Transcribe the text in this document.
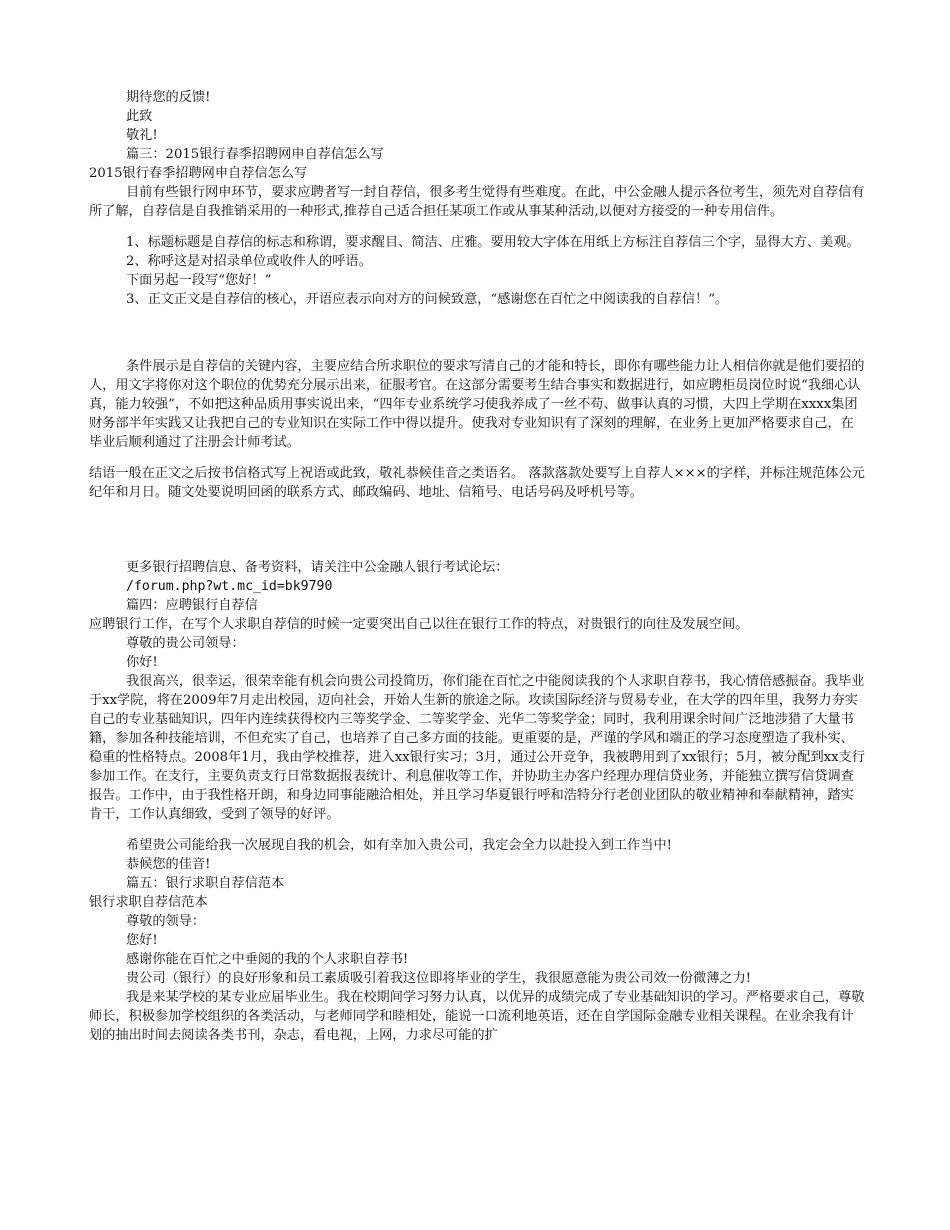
期待您的反馈!
此致
敬礼!
篇三：2015银行春季招聘网申自荐信怎么写
2015银行春季招聘网申自荐信怎么写
目前有些银行网申环节，要求应聘者写一封自荐信，很多考生觉得有些难度。在此，中公金融人提示各位考生，须先对自荐信有所了解，自荐信是自我推销采用的一种形式,推荐自己适合担任某项工作或从事某种活动,以便对方接受的一种专用信件。
1、标题标题是自荐信的标志和称谓，要求醒目、简洁、庄雅。要用较大字体在用纸上方标注自荐信三个字，显得大方、美观。
2、称呼这是对招录单位或收件人的呼语。
下面另起一段写“您好！”
3、正文正文是自荐信的核心，开语应表示向对方的问候致意，“感谢您在百忙之中阅读我的自荐信！”。
条件展示是自荐信的关键内容，主要应结合所求职位的要求写清自己的才能和特长，即你有哪些能力让人相信你就是他们要招的人，用文字将你对这个职位的优势充分展示出来，征服考官。在这部分需要考生结合事实和数据进行，如应聘柜员岗位时说“我细心认真，能力较强”，不如把这种品质用事实说出来，“四年专业系统学习使我养成了一丝不苟、做事认真的习惯，大四上学期在xxxx集团财务部半年实践又让我把自己的专业知识在实际工作中得以提升。使我对专业知识有了深刻的理解，在业务上更加严格要求自己，在毕业后顺利通过了注册会计师考试。
结语一般在正文之后按书信格式写上祝语或此致，敬礼恭候佳音之类语名。 落款落款处要写上自荐人×××的字样，并标注规范体公元纪年和月日。随文处要说明回函的联系方式、邮政编码、地址、信箱号、电话号码及呼机号等。
更多银行招聘信息、备考资料，请关注中公金融人银行考试论坛：
/forum.php?wt.mc_id=bk9790
篇四：应聘银行自荐信
应聘银行工作，在写个人求职自荐信的时候一定要突出自己以往在银行工作的特点，对贵银行的向往及发展空间。
尊敬的贵公司领导：
你好!
我很高兴，很幸运，很荣幸能有机会向贵公司投简历，你们能在百忙之中能阅读我的个人求职自荐书，我心情倍感振奋。我毕业于xx学院，将在2009年7月走出校园，迈向社会，开始人生新的旅途之际。攻读国际经济与贸易专业，在大学的四年里，我努力夯实自己的专业基础知识，四年内连续获得校内三等奖学金、二等奖学金、光华二等奖学金；同时，我利用课余时间广泛地涉猎了大量书籍，参加各种技能培训，不但充实了自己，也培养了自己多方面的技能。更重要的是，严谨的学风和端正的学习态度塑造了我朴实、稳重的性格特点。2008年1月，我由学校推荐，进入xx银行实习；3月，通过公开竞争，我被聘用到了xx银行；5月，被分配到xx支行参加工作。在支行，主要负责支行日常数据报表统计、利息催收等工作，并协助主办客户经理办理信贷业务，并能独立撰写信贷调查报告。工作中，由于我性格开朗，和身边同事能融洽相处，并且学习华夏银行呼和浩特分行老创业团队的敬业精神和奉献精神，踏实肯干，工作认真细致，受到了领导的好评。
希望贵公司能给我一次展现自我的机会，如有幸加入贵公司，我定会全力以赴投入到工作当中!
恭候您的佳音!
篇五：银行求职自荐信范本
银行求职自荐信范本
尊敬的领导：
您好!
感谢你能在百忙之中垂阅的我的个人求职自荐书!
贵公司（银行）的良好形象和员工素质吸引着我这位即将毕业的学生，我很愿意能为贵公司效一份微薄之力!
我是来某学校的某专业应届毕业生。我在校期间学习努力认真，以优异的成绩完成了专业基础知识的学习。严格要求自己，尊敬师长，积极参加学校组织的各类活动，与老师同学和睦相处，能说一口流利地英语，还在自学国际金融专业相关课程。在业余我有计划的抽出时间去阅读各类书刊，杂志，看电视，上网，力求尽可能的扩
